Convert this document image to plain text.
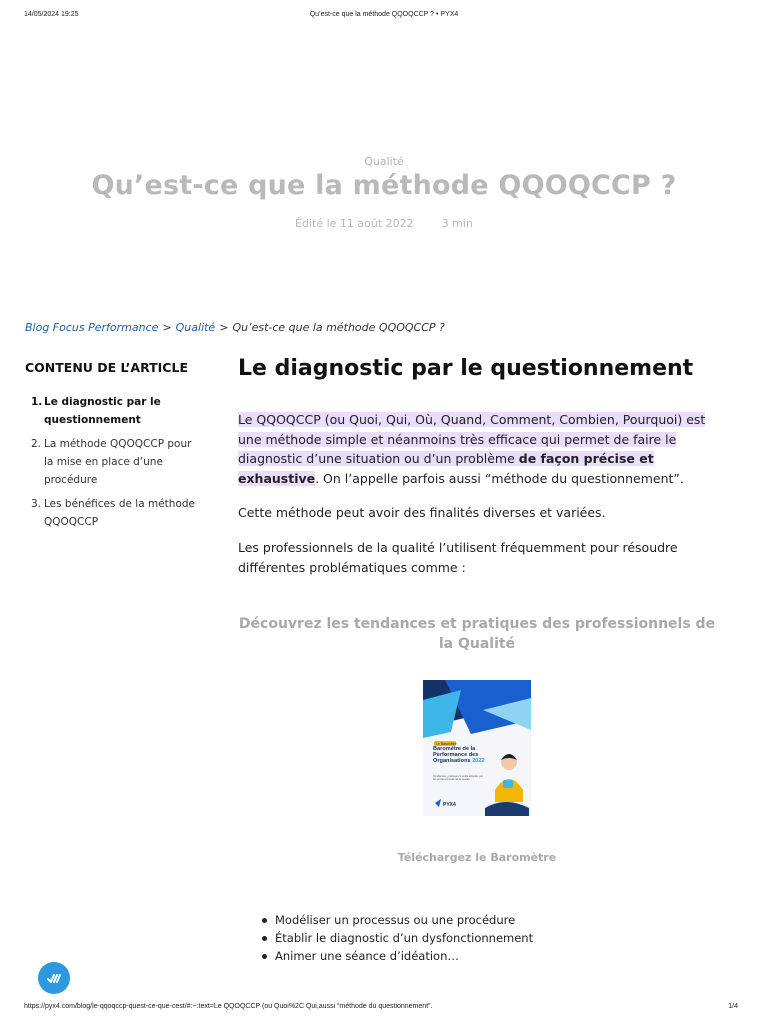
14/05/2024 19:25	Qu’est-ce que la méthode QQOQCCP ? • PYX4
Qualité
Qu’est-ce que la méthode QQOQCCP ?
Édité le 11 août 2022	3 min
Blog Focus Performance > Qualité > Qu’est-ce que la méthode QQOQCCP ?
CONTENU DE L’ARTICLE
1. Le diagnostic par le questionnement
2. La méthode QQOQCCP pour la mise en place d’une procédure
3. Les bénéfices de la méthode QQOQCCP
Le diagnostic par le questionnement
Le QQOQCCP (ou Quoi, Qui, Où, Quand, Comment, Combien, Pourquoi) est une méthode simple et néanmoins très efficace qui permet de faire le diagnostic d’une situation ou d’un problème de façon précise et exhaustive. On l’appelle parfois aussi “méthode du questionnement”.
Cette méthode peut avoir des finalités diverses et variées.
Les professionnels de la qualité l’utilisent fréquemment pour résoudre différentes problématiques comme :
Découvrez les tendances et pratiques des professionnels de la Qualité
Le Baromètre
Baromètre de la Performance des Organisations 2022
Tendances, pratiques & outils adoptés par les professionnels de la qualité
PYX4
Téléchargez le Baromètre
Modéliser un processus ou une procédure
Établir le diagnostic d’un dysfonctionnement
Animer une séance d’idéation…
https://pyx4.com/blog/le-qqoqccp-quest-ce-que-cest/#:~:text=Le QQOQCCP (ou Quoi%2C Qui,aussi “méthode du questionnement”.	1/4
